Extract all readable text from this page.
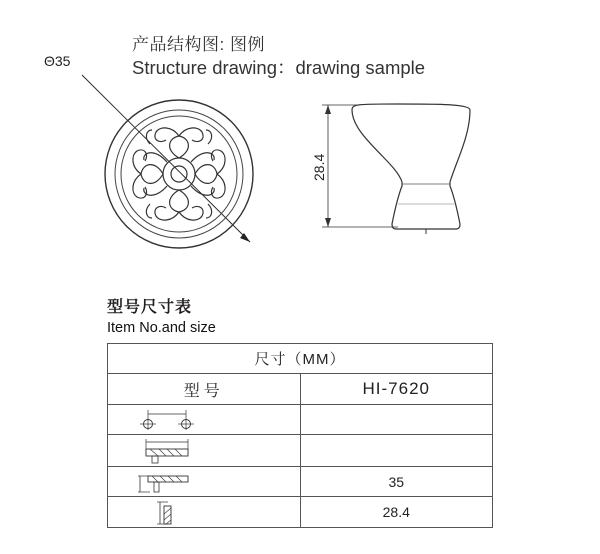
产品结构图: 图例
Structure drawing：drawing sample
Θ35
28.4
型号尺寸表
Item No.and size
尺寸（MM）	
型号	HI-7620

	35

	28.4
